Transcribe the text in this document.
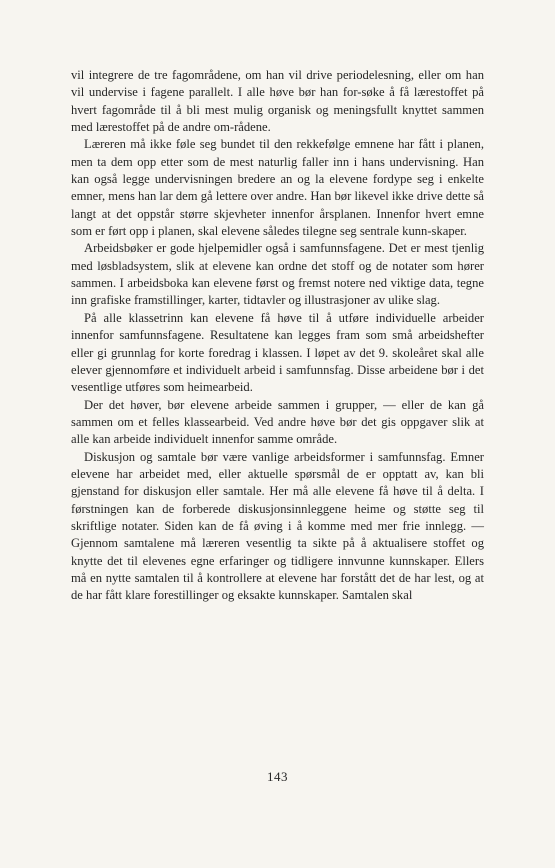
vil integrere de tre fagområdene, om han vil drive periodelesning, eller om han vil undervise i fagene parallelt. I alle høve bør han for-søke å få lærestoffet på hvert fagområde til å bli mest mulig organisk og meningsfullt knyttet sammen med lærestoffet på de andre om-rådene.

Læreren må ikke føle seg bundet til den rekkefølge emnene har fått i planen, men ta dem opp etter som de mest naturlig faller inn i hans undervisning. Han kan også legge undervisningen bredere an og la elevene fordype seg i enkelte emner, mens han lar dem gå lettere over andre. Han bør likevel ikke drive dette så langt at det oppstår større skjevheter innenfor årsplanen. Innenfor hvert emne som er ført opp i planen, skal elevene således tilegne seg sentrale kunn-skaper.

Arbeidsbøker er gode hjelpemidler også i samfunnsfagene. Det er mest tjenlig med løsbladsystem, slik at elevene kan ordne det stoff og de notater som hører sammen. I arbeidsboka kan elevene først og fremst notere ned viktige data, tegne inn grafiske framstillinger, karter, tidtavler og illustrasjoner av ulike slag.

På alle klassetrinn kan elevene få høve til å utføre individuelle arbeider innenfor samfunnsfagene. Resultatene kan legges fram som små arbeidshefter eller gi grunnlag for korte foredrag i klassen. I løpet av det 9. skoleåret skal alle elever gjennomføre et individuelt arbeid i samfunnsfag. Disse arbeidene bør i det vesentlige utføres som heimearbeid.

Der det høver, bør elevene arbeide sammen i grupper, — eller de kan gå sammen om et felles klassearbeid. Ved andre høve bør det gis oppgaver slik at alle kan arbeide individuelt innenfor samme område.

Diskusjon og samtale bør være vanlige arbeidsformer i samfunnsfag. Emner elevene har arbeidet med, eller aktuelle spørsmål de er opptatt av, kan bli gjenstand for diskusjon eller samtale. Her må alle elevene få høve til å delta. I førstningen kan de forberede diskusjonsinnleggene heime og støtte seg til skriftlige notater. Siden kan de få øving i å komme med mer frie innlegg. — Gjennom samtalene må læreren vesentlig ta sikte på å aktualisere stoffet og knytte det til elevenes egne erfaringer og tidligere innvunne kunnskaper. Ellers må en nytte samtalen til å kontrollere at elevene har forstått det de har lest, og at de har fått klare forestillinger og eksakte kunnskaper. Samtalen skal

143
